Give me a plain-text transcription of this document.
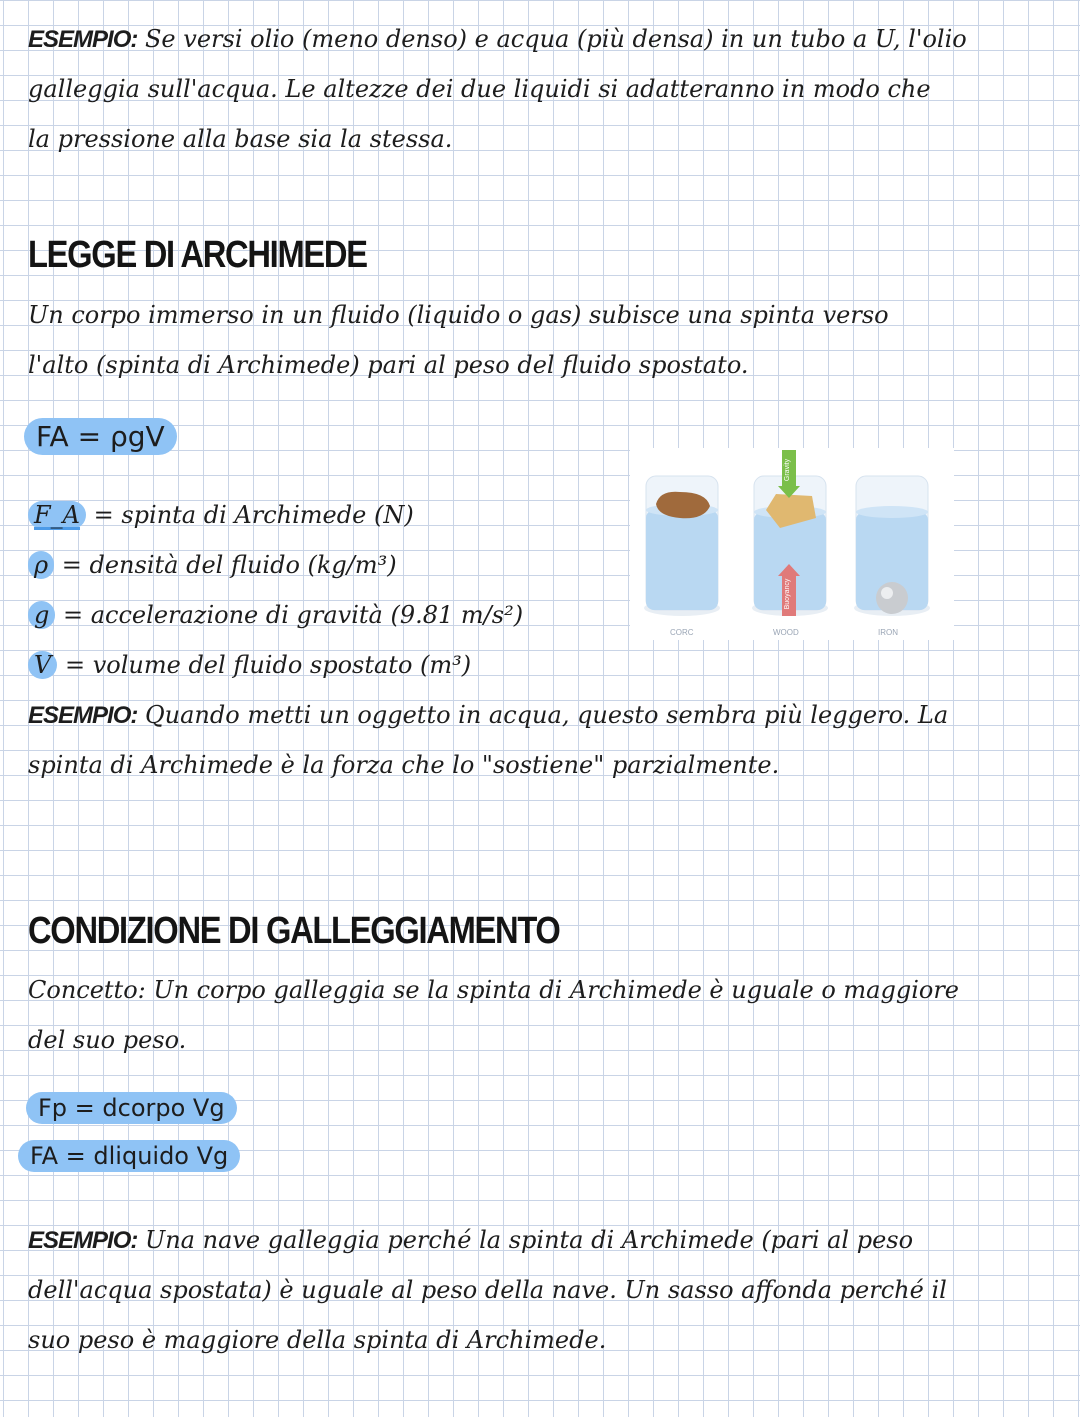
ESEMPIO: Se versi olio (meno denso) e acqua (più densa) in un tubo a U, l'olio

galleggia sull'acqua. Le altezze dei due liquidi si adatteranno in modo che

la pressione alla base sia la stessa.

LEGGE DI ARCHIMEDE

Un corpo immerso in un fluido (liquido o gas) subisce una spinta verso

l'alto (spinta di Archimede) pari al peso del fluido spostato.

FA = ρgV

F_A = spinta di Archimede (N)

ρ = densità del fluido (kg/m³)

g = accelerazione di gravità (9.81 m/s²)

V = volume del fluido spostato (m³)

Gravity
Buoyancy
CORC	WOOD	IRON

ESEMPIO: Quando metti un oggetto in acqua, questo sembra più leggero. La

spinta di Archimede è la forza che lo "sostiene" parzialmente.

CONDIZIONE DI GALLEGGIAMENTO

Concetto: Un corpo galleggia se la spinta di Archimede è uguale o maggiore

del suo peso.

Fp = dcorpo Vg
FA = dliquido Vg

ESEMPIO: Una nave galleggia perché la spinta di Archimede (pari al peso

dell'acqua spostata) è uguale al peso della nave. Un sasso affonda perché il

suo peso è maggiore della spinta di Archimede.
